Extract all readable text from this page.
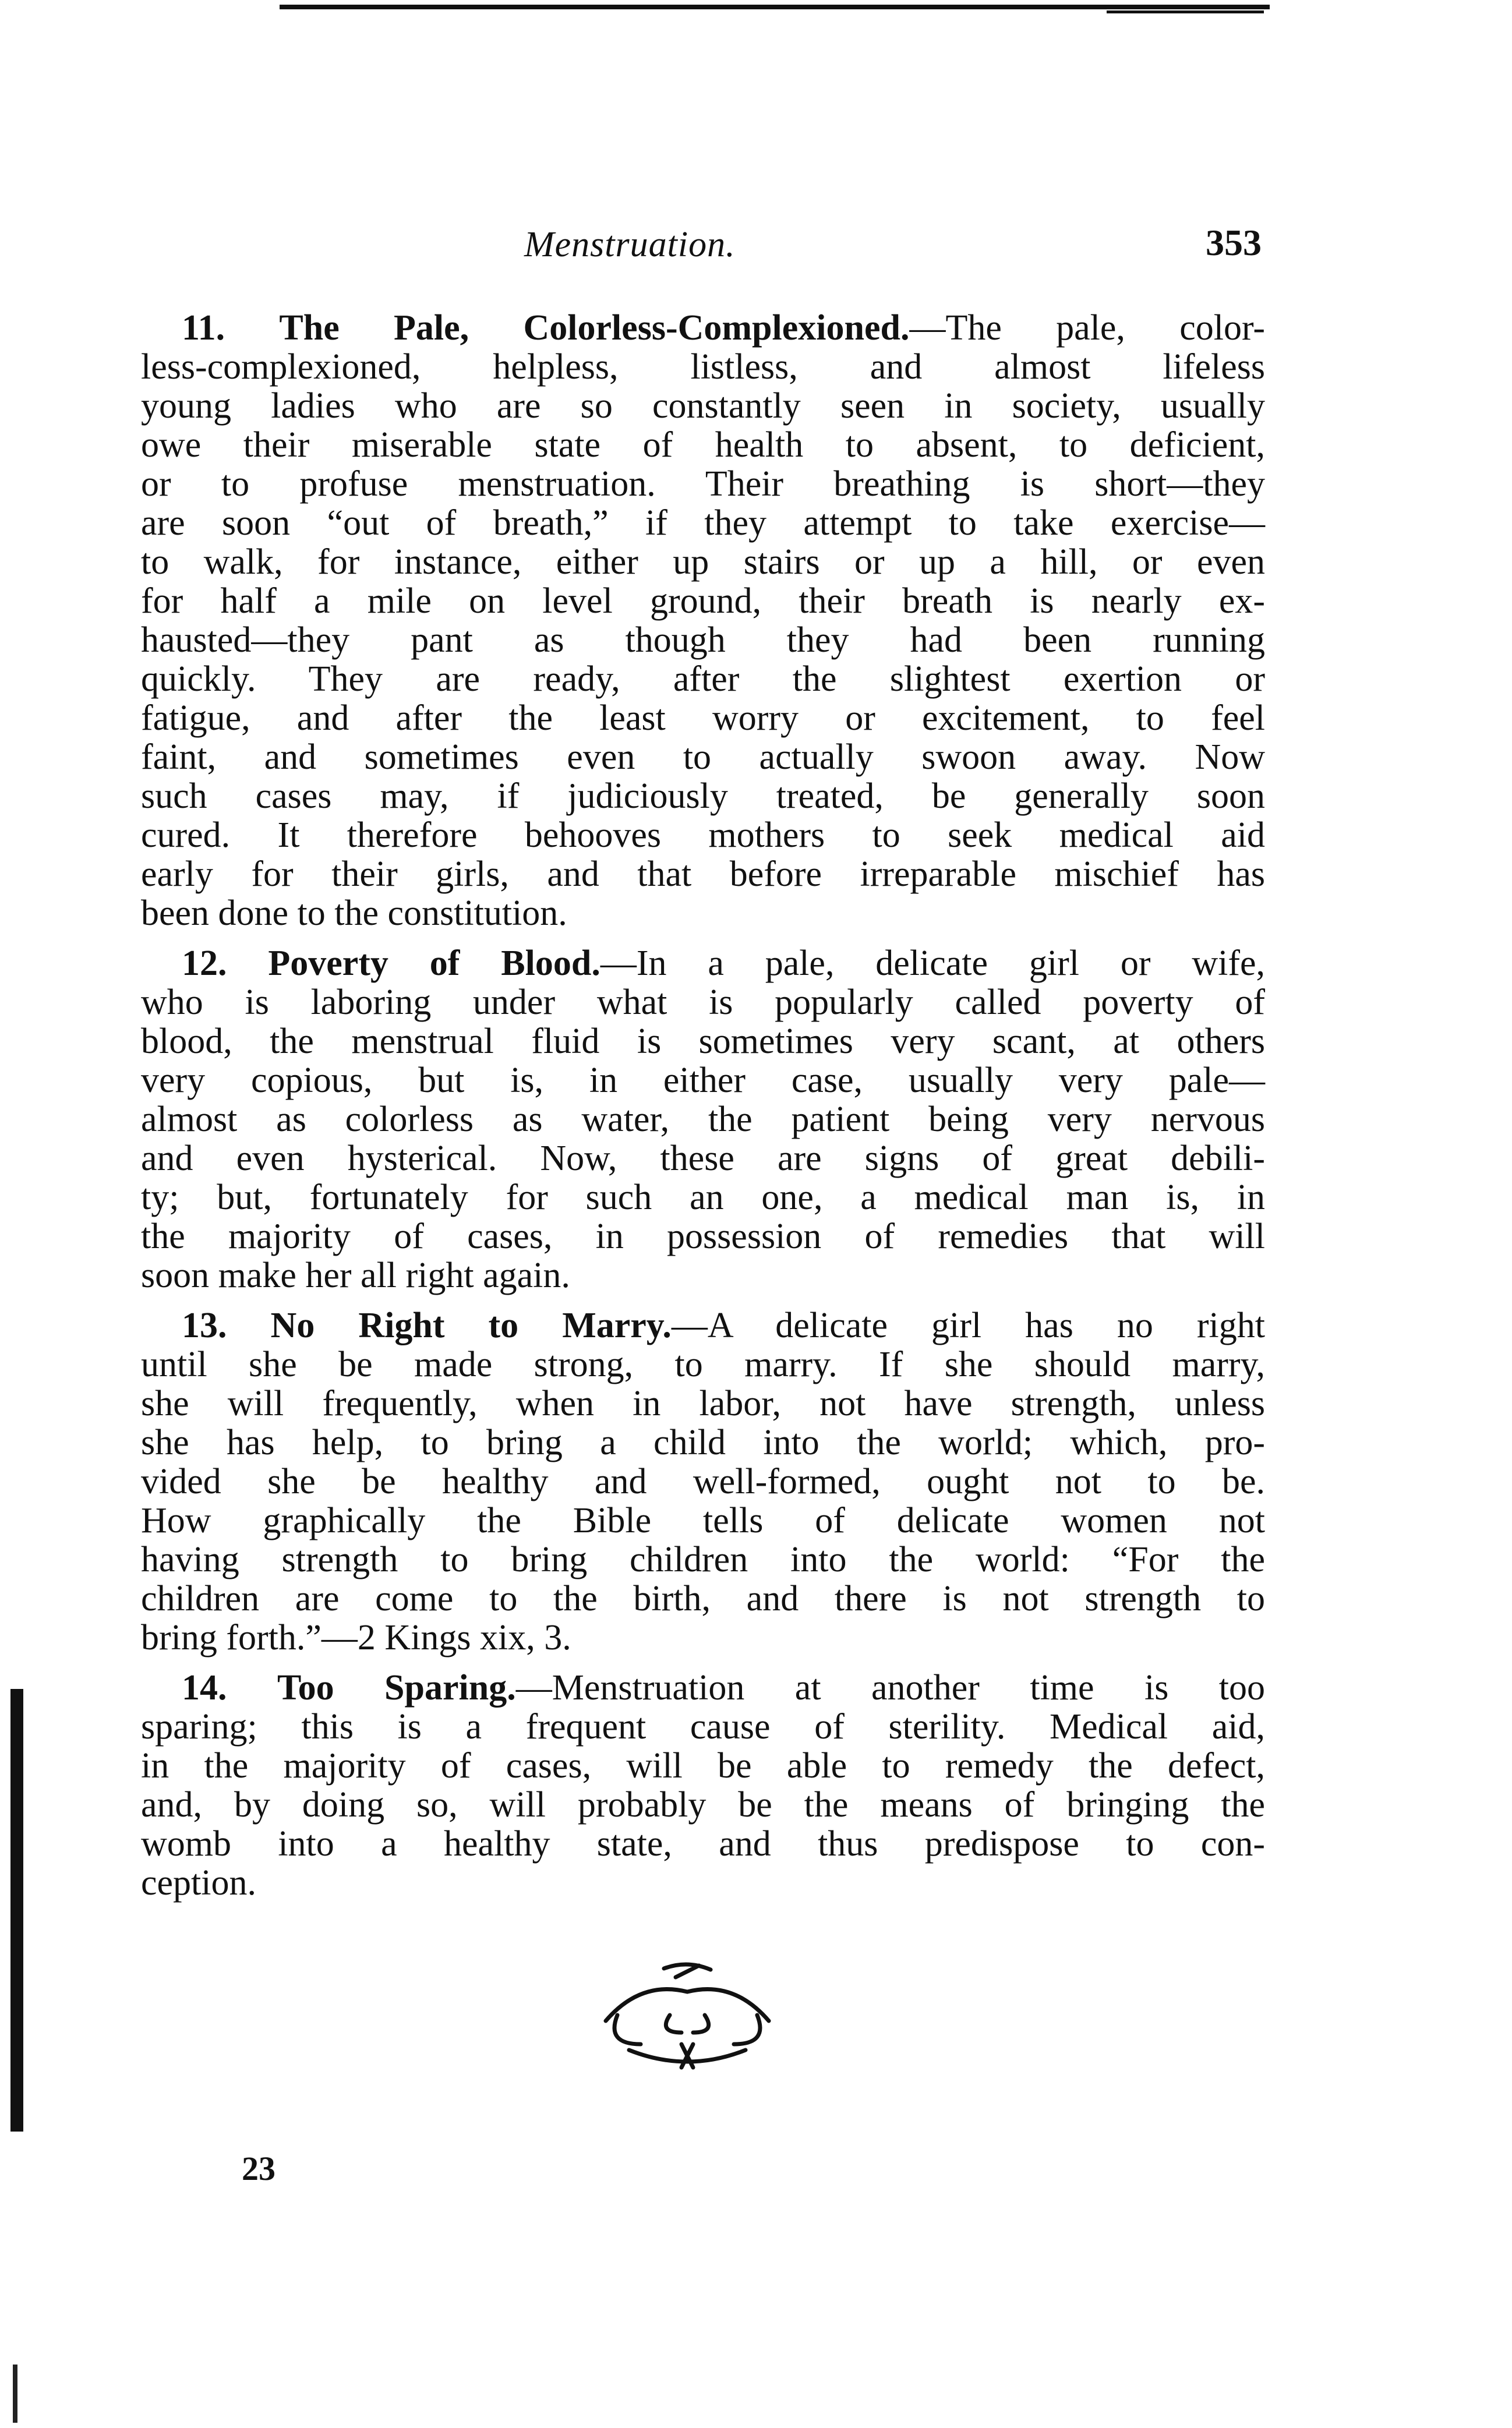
Menstruation.	353
11. The Pale, Colorless-Complexioned.—The pale, color-
less-complexioned, helpless, listless, and almost lifeless
young ladies who are so constantly seen in society, usually
owe their miserable state of health to absent, to deficient,
or to profuse menstruation. Their breathing is short—they
are soon “out of breath,” if they attempt to take exercise—
to walk, for instance, either up stairs or up a hill, or even
for half a mile on level ground, their breath is nearly ex-
hausted—they pant as though they had been running
quickly. They are ready, after the slightest exertion or
fatigue, and after the least worry or excitement, to feel
faint, and sometimes even to actually swoon away. Now
such cases may, if judiciously treated, be generally soon
cured. It therefore behooves mothers to seek medical aid
early for their girls, and that before irreparable mischief has
been done to the constitution.
12. Poverty of Blood.—In a pale, delicate girl or wife,
who is laboring under what is popularly called poverty of
blood, the menstrual fluid is sometimes very scant, at others
very copious, but is, in either case, usually very pale—
almost as colorless as water, the patient being very nervous
and even hysterical. Now, these are signs of great debili-
ty; but, fortunately for such an one, a medical man is, in
the majority of cases, in possession of remedies that will
soon make her all right again.
13. No Right to Marry.—A delicate girl has no right
until she be made strong, to marry. If she should marry,
she will frequently, when in labor, not have strength, unless
she has help, to bring a child into the world; which, pro-
vided she be healthy and well-formed, ought not to be.
How graphically the Bible tells of delicate women not
having strength to bring children into the world: “For the
children are come to the birth, and there is not strength to
bring forth.”—2 Kings xix, 3.
14. Too Sparing.—Menstruation at another time is too
sparing; this is a frequent cause of sterility. Medical aid,
in the majority of cases, will be able to remedy the defect,
and, by doing so, will probably be the means of bringing the
womb into a healthy state, and thus predispose to con-
ception.
23
